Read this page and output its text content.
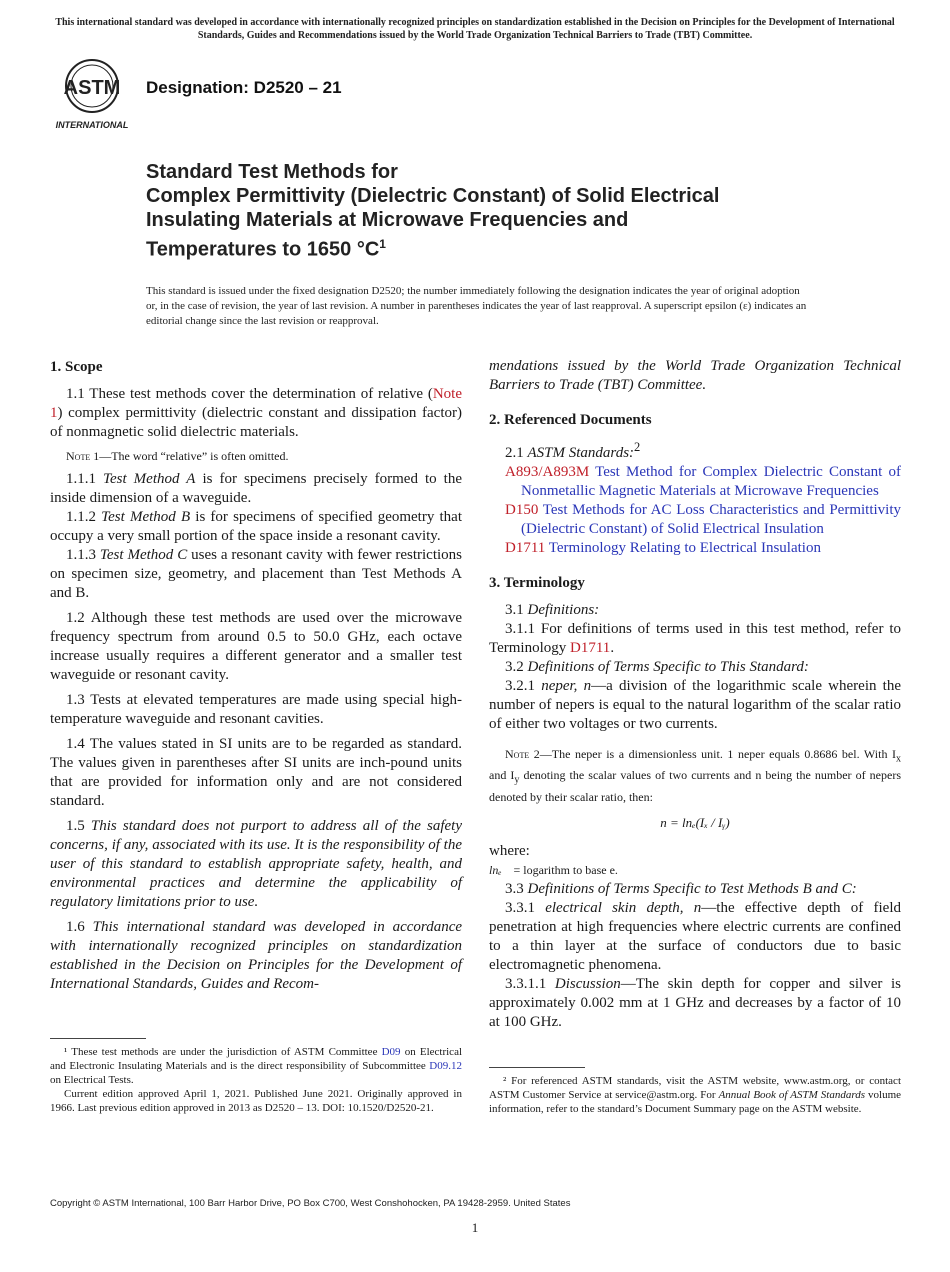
This international standard was developed in accordance with internationally recognized principles on standardization established in the Decision on Principles for the Development of International Standards, Guides and Recommendations issued by the World Trade Organization Technical Barriers to Trade (TBT) Committee.
ASTM
INTERNATIONAL
Designation: D2520 – 21
Standard Test Methods for
Complex Permittivity (Dielectric Constant) of Solid Electrical
Insulating Materials at Microwave Frequencies and
Temperatures to 1650 $^\circ C^1$
This standard is issued under the fixed designation D2520; the number immediately following the designation indicates the year of original adoption or, in the case of revision, the year of last revision. A number in parentheses indicates the year of last reapproval. A superscript epsilon (ε) indicates an editorial change since the last revision or reapproval.
1. Scope

1.1 These test methods cover the determination of relative (Note 1) complex permittivity (dielectric constant and dissipation factor) of nonmagnetic solid dielectric materials.

Note 1—The word “relative” is often omitted.

1.1.1 Test Method A is for specimens precisely formed to the inside dimension of a waveguide.

1.1.2 Test Method B is for specimens of specified geometry that occupy a very small portion of the space inside a resonant cavity.

1.1.3 Test Method C uses a resonant cavity with fewer restrictions on specimen size, geometry, and placement than Test Methods A and B.

1.2 Although these test methods are used over the microwave frequency spectrum from around 0.5 to 50.0 GHz, each octave increase usually requires a different generator and a smaller test waveguide or resonant cavity.

1.3 Tests at elevated temperatures are made using special high-temperature waveguide and resonant cavities.

1.4 The values stated in SI units are to be regarded as standard. The values given in parentheses after SI units are inch-pound units that are provided for information only and are not considered standard.

1.5 This standard does not purport to address all of the safety concerns, if any, associated with its use. It is the responsibility of the user of this standard to establish appropriate safety, health, and environmental practices and determine the applicability of regulatory limitations prior to use.

1.6 This international standard was developed in accordance with internationally recognized principles on standardization established in the Decision on Principles for the Development of International Standards, Guides and Recom-

mendations issued by the World Trade Organization Technical Barriers to Trade (TBT) Committee.

2. Referenced Documents

2.1 ASTM Standards:$^2$

A893/A893M Test Method for Complex Dielectric Constant of Nonmetallic Magnetic Materials at Microwave Frequencies

D150 Test Methods for AC Loss Characteristics and Permittivity (Dielectric Constant) of Solid Electrical Insulation

D1711 Terminology Relating to Electrical Insulation

3. Terminology

3.1 Definitions:

3.1.1 For definitions of terms used in this test method, refer to Terminology D1711.

3.2 Definitions of Terms Specific to This Standard:

3.2.1 neper, n—a division of the logarithmic scale wherein the number of nepers is equal to the natural logarithm of the scalar ratio of either two voltages or two currents.

Note 2—The neper is a dimensionless unit. 1 neper equals 0.8686 bel. With $I_x$ and $I_y$ denoting the scalar values of two currents and n being the number of nepers denoted by their scalar ratio, then:
n = lnₑ(Iₓ / Iᵧ)

where:

lnₑ = logarithm to base e.

3.3 Definitions of Terms Specific to Test Methods B and C:

3.3.1 electrical skin depth, n—the effective depth of field penetration at high frequencies where electric currents are confined to a thin layer at the surface of conductors due to basic electromagnetic phenomena.

3.3.1.1 Discussion—The skin depth for copper and silver is approximately 0.002 mm at 1 GHz and decreases by a factor of 10 at 100 GHz.

¹ These test methods are under the jurisdiction of ASTM Committee D09 on Electrical and Electronic Insulating Materials and is the direct responsibility of Subcommittee D09.12 on Electrical Tests.

Current edition approved April 1, 2021. Published June 2021. Originally approved in 1966. Last previous edition approved in 2013 as D2520 – 13. DOI: 10.1520/D2520-21.

² For referenced ASTM standards, visit the ASTM website, www.astm.org, or contact ASTM Customer Service at service@astm.org. For Annual Book of ASTM Standards volume information, refer to the standard’s Document Summary page on the ASTM website.

Copyright © ASTM International, 100 Barr Harbor Drive, PO Box C700, West Conshohocken, PA 19428-2959. United States
1
